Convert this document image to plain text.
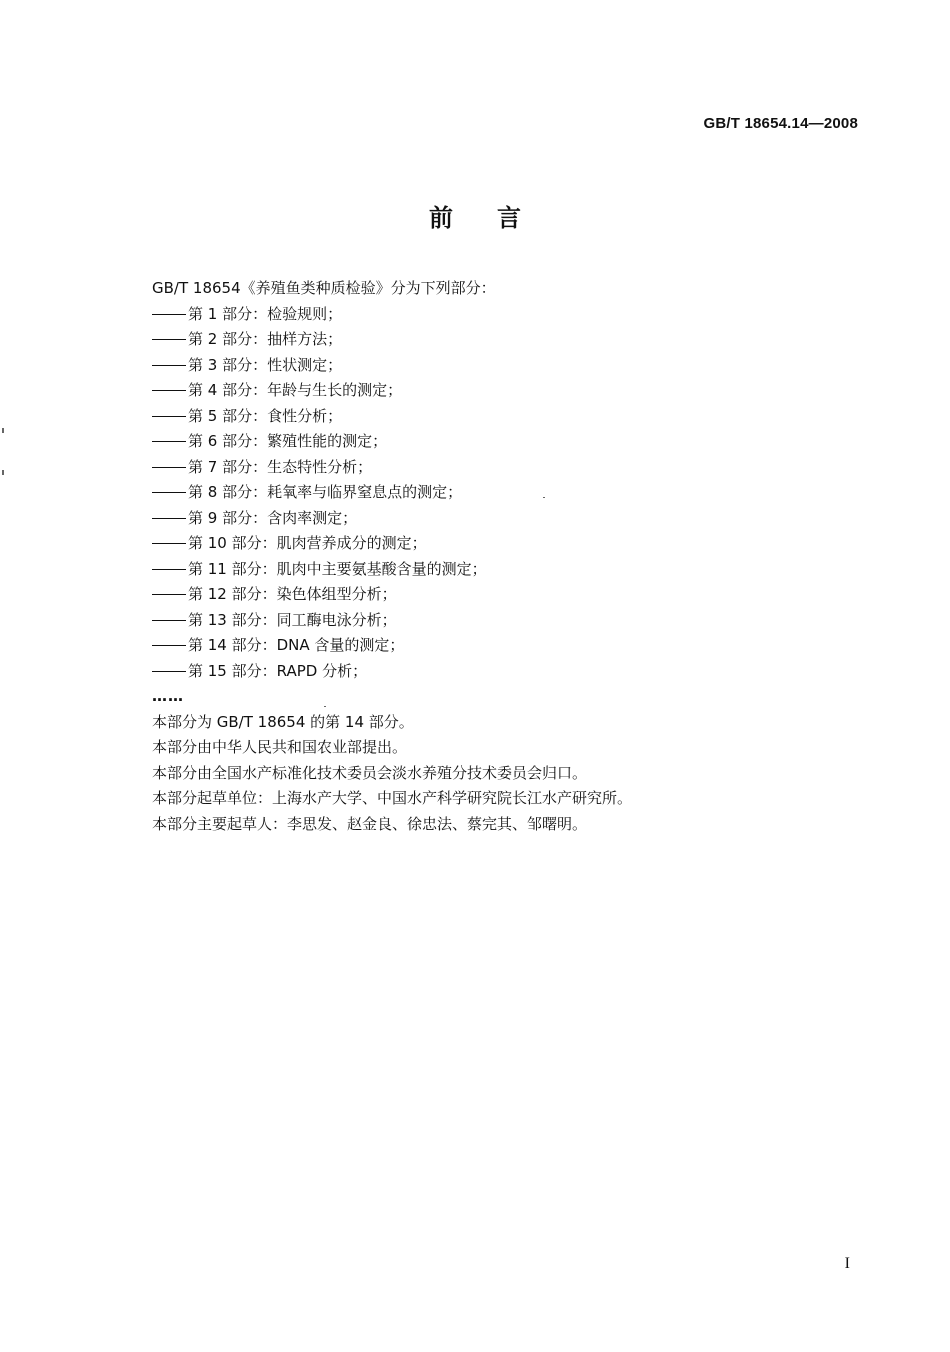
GB/T 18654.14—2008
前言
GB/T 18654《养殖鱼类种质检验》分为下列部分：
第 1 部分：检验规则；
第 2 部分：抽样方法；
第 3 部分：性状测定；
第 4 部分：年龄与生长的测定；
第 5 部分：食性分析；
第 6 部分：繁殖性能的测定；
第 7 部分：生态特性分析；
第 8 部分：耗氧率与临界窒息点的测定；
第 9 部分：含肉率测定；
第 10 部分：肌肉营养成分的测定；
第 11 部分：肌肉中主要氨基酸含量的测定；
第 12 部分：染色体组型分析；
第 13 部分：同工酶电泳分析；
第 14 部分：DNA 含量的测定；
第 15 部分：RAPD 分析；
……
本部分为 GB/T 18654 的第 14 部分。
本部分由中华人民共和国农业部提出。
本部分由全国水产标准化技术委员会淡水养殖分技术委员会归口。
本部分起草单位：上海水产大学、中国水产科学研究院长江水产研究所。
本部分主要起草人：李思发、赵金良、徐忠法、蔡完其、邹曙明。
I
